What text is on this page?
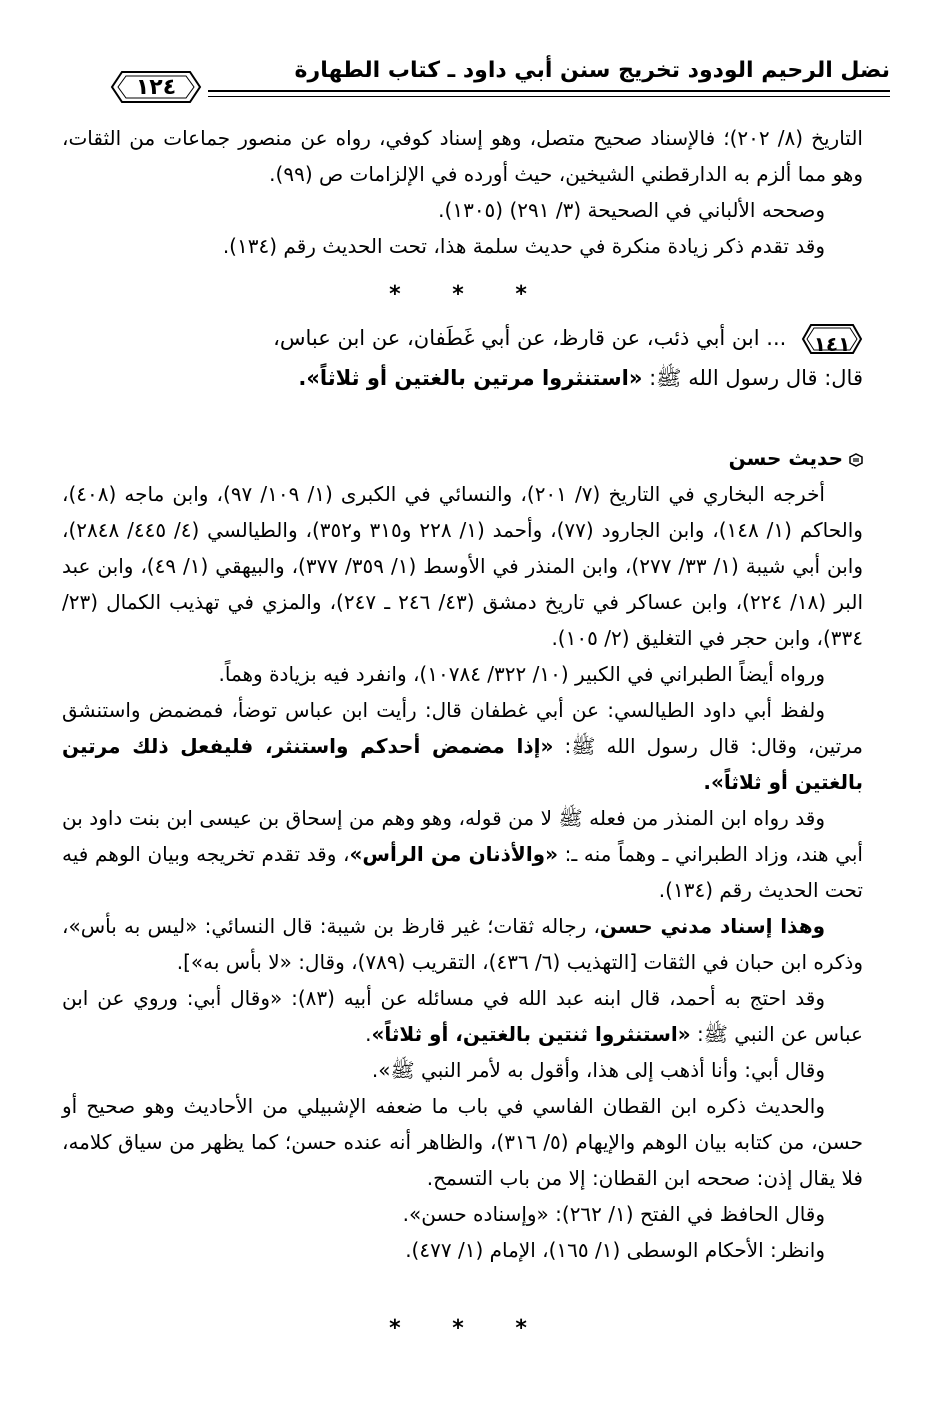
نضل الرحيم الودود تخريج سنن أبي داود ـ كتاب الطهارة
١٢٤

التاريخ (٨/ ٢٠٢)؛ فالإسناد صحيح متصل، وهو إسناد كوفي، رواه عن منصور جماعات من الثقات، وهو مما ألزم به الدارقطني الشيخين، حيث أورده في الإلزامات ص (٩٩).

وصححه الألباني في الصحيحة (٣/ ٢٩١) (١٣٠٥).

وقد تقدم ذكر زيادة منكرة في حديث سلمة هذا، تحت الحديث رقم (١٣٤).

* * *

١٤١
... ابن أبي ذئب، عن قارظ، عن أبي غَطَفان، عن ابن عباس،

قال: قال رسول الله ﷺ: «استنثروا مرتين بالغتين أو ثلاثاً».

حديث حسن

أخرجه البخاري في التاريخ (٧/ ٢٠١)، والنسائي في الكبرى (١/ ١٠٩/ ٩٧)، وابن ماجه (٤٠٨)، والحاكم (١/ ١٤٨)، وابن الجارود (٧٧)، وأحمد (١/ ٢٢٨ و٣١٥ و٣٥٢)، والطيالسي (٤/ ٤٤٥/ ٢٨٤٨)، وابن أبي شيبة (١/ ٣٣/ ٢٧٧)، وابن المنذر في الأوسط (١/ ٣٥٩/ ٣٧٧)، والبيهقي (١/ ٤٩)، وابن عبد البر (١٨/ ٢٢٤)، وابن عساكر في تاريخ دمشق (٤٣/ ٢٤٦ ـ ٢٤٧)، والمزي في تهذيب الكمال (٢٣/ ٣٣٤)، وابن حجر في التغليق (٢/ ١٠٥).

ورواه أيضاً الطبراني في الكبير (١٠/ ٣٢٢/ ١٠٧٨٤)، وانفرد فيه بزيادة وهماً.

ولفظ أبي داود الطيالسي: عن أبي غطفان قال: رأيت ابن عباس توضأ، فمضمض واستنشق مرتين، وقال: قال رسول الله ﷺ: «إذا مضمض أحدكم واستنثر، فليفعل ذلك مرتين بالغتين أو ثلاثاً».

وقد رواه ابن المنذر من فعله ﷺ لا من قوله، وهو وهم من إسحاق بن عيسى ابن بنت داود بن أبي هند، وزاد الطبراني ـ وهماً منه ـ: «والأذنان من الرأس»، وقد تقدم تخريجه وبيان الوهم فيه تحت الحديث رقم (١٣٤).

وهذا إسناد مدني حسن، رجاله ثقات؛ غير قارظ بن شيبة: قال النسائي: «ليس به بأس»، وذكره ابن حبان في الثقات [التهذيب (٦/ ٤٣٦)، التقريب (٧٨٩)، وقال: «لا بأس به»].

وقد احتج به أحمد، قال ابنه عبد الله في مسائله عن أبيه (٨٣): «وقال أبي: وروي عن ابن عباس عن النبي ﷺ: «استنثروا ثنتين بالغتين، أو ثلاثاً».

وقال أبي: وأنا أذهب إلى هذا، وأقول به لأمر النبي ﷺ».

والحديث ذكره ابن القطان الفاسي في باب ما ضعفه الإشبيلي من الأحاديث وهو صحيح أو حسن، من كتابه بيان الوهم والإيهام (٥/ ٣١٦)، والظاهر أنه عنده حسن؛ كما يظهر من سياق كلامه، فلا يقال إذن: صححه ابن القطان: إلا من باب التسمح.

وقال الحافظ في الفتح (١/ ٢٦٢): «وإسناده حسن».

وانظر: الأحكام الوسطى (١/ ١٦٥)، الإمام (١/ ٤٧٧).

* * *
